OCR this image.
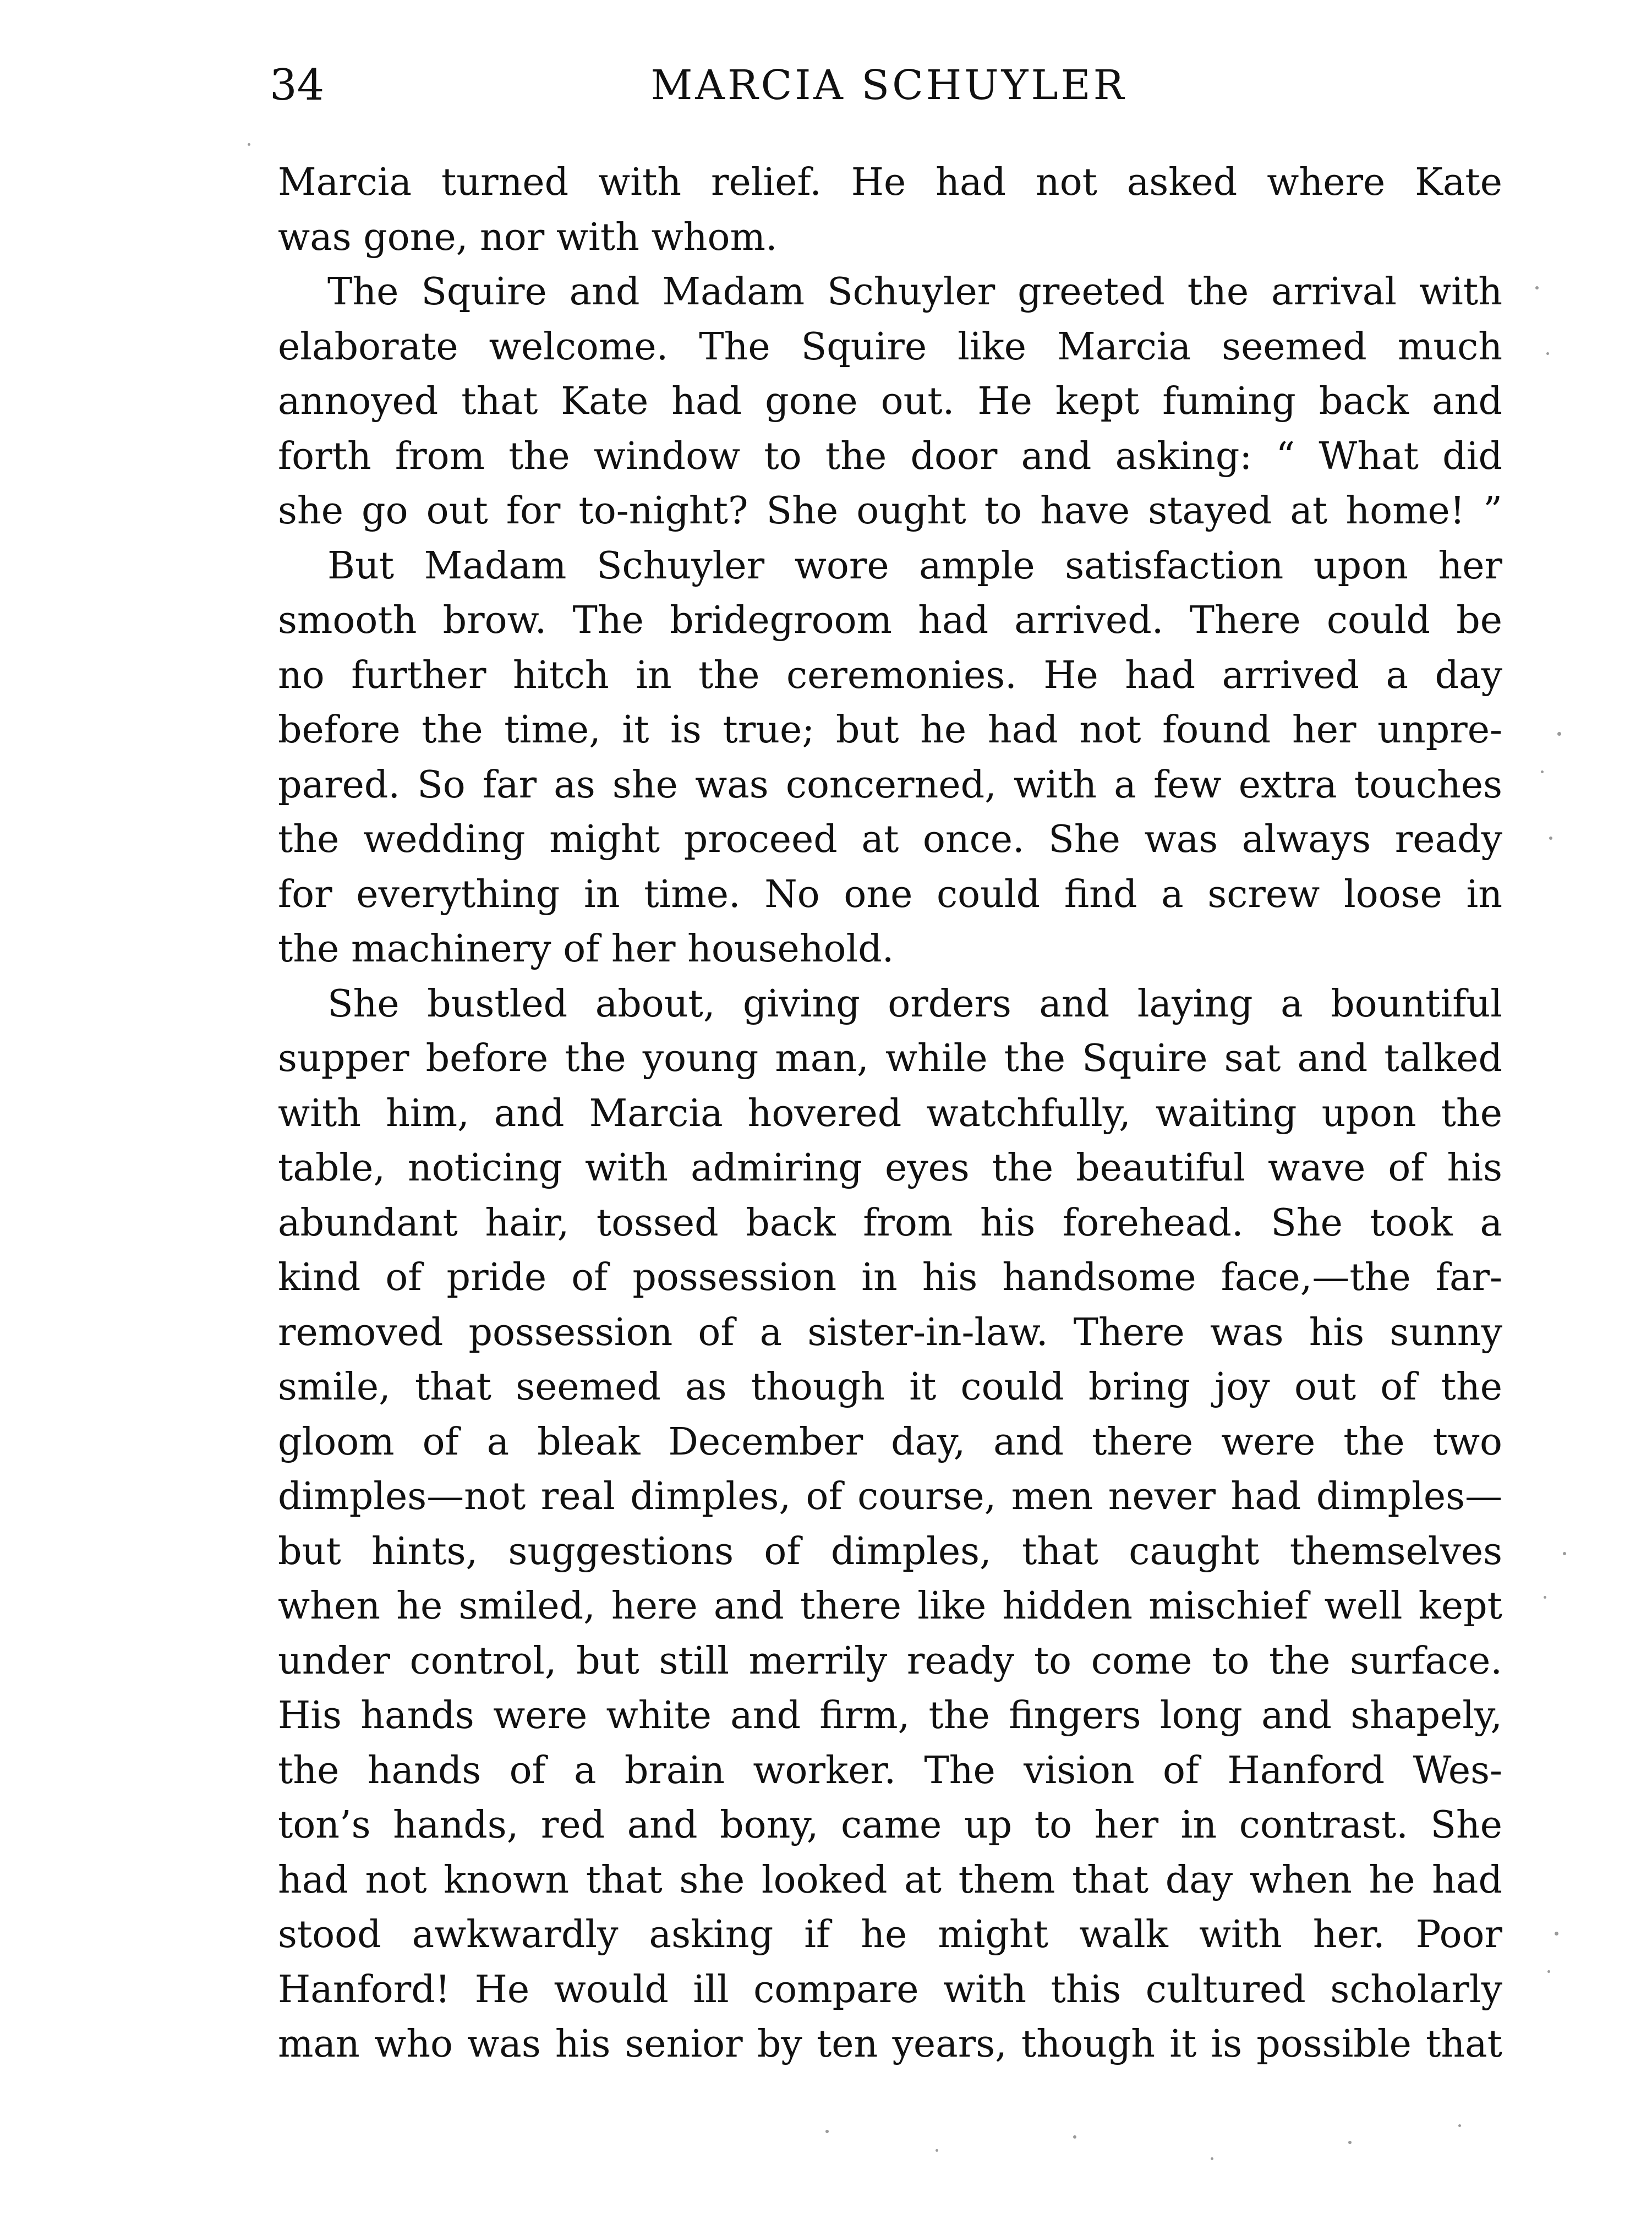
34	MARCIA SCHUYLER
Marcia turned with relief. He had not asked where Kate
was gone, nor with whom.
The Squire and Madam Schuyler greeted the arrival with
elaborate welcome. The Squire like Marcia seemed much
annoyed that Kate had gone out. He kept fuming back and
forth from the window to the door and asking: “ What did
she go out for to-night? She ought to have stayed at home! ”
But Madam Schuyler wore ample satisfaction upon her
smooth brow. The bridegroom had arrived. There could be
no further hitch in the ceremonies. He had arrived a day
before the time, it is true; but he had not found her unpre-
pared. So far as she was concerned, with a few extra touches
the wedding might proceed at once. She was always ready
for everything in time. No one could find a screw loose in
the machinery of her household.
She bustled about, giving orders and laying a bountiful
supper before the young man, while the Squire sat and talked
with him, and Marcia hovered watchfully, waiting upon the
table, noticing with admiring eyes the beautiful wave of his
abundant hair, tossed back from his forehead. She took a
kind of pride of possession in his handsome face,—the far-
removed possession of a sister-in-law. There was his sunny
smile, that seemed as though it could bring joy out of the
gloom of a bleak December day, and there were the two
dimples—not real dimples, of course, men never had dimples—
but hints, suggestions of dimples, that caught themselves
when he smiled, here and there like hidden mischief well kept
under control, but still merrily ready to come to the surface.
His hands were white and firm, the fingers long and shapely,
the hands of a brain worker. The vision of Hanford Wes-
ton’s hands, red and bony, came up to her in contrast. She
had not known that she looked at them that day when he had
stood awkwardly asking if he might walk with her. Poor
Hanford! He would ill compare with this cultured scholarly
man who was his senior by ten years, though it is possible that
